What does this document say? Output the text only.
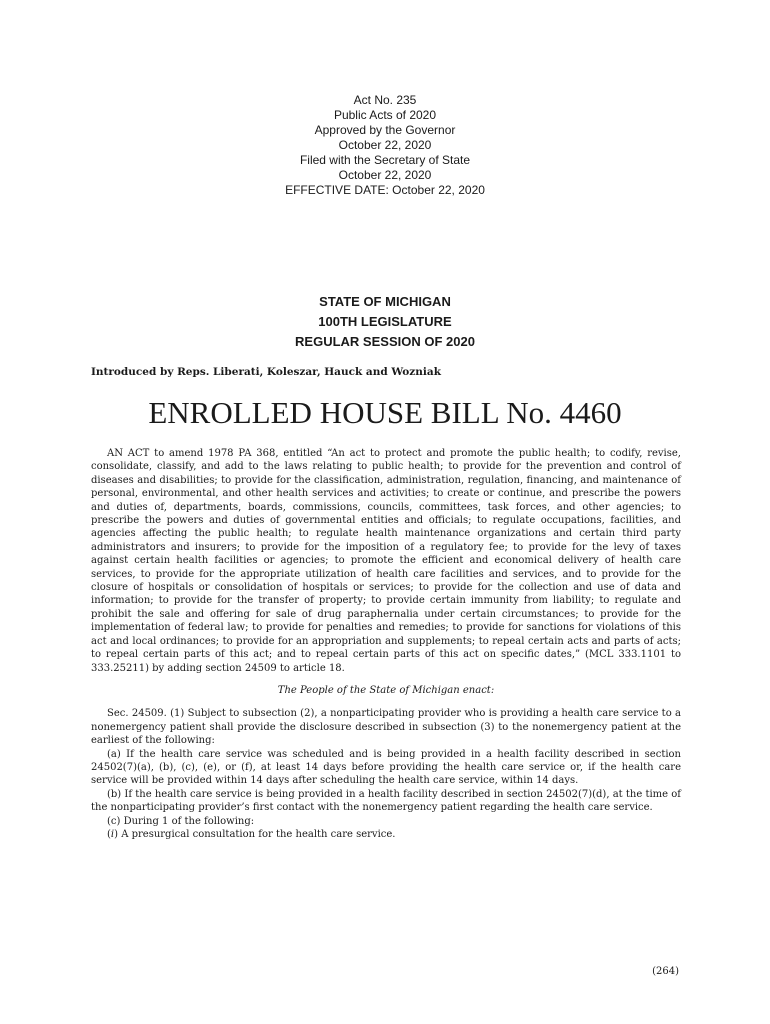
Act No. 235
Public Acts of 2020
Approved by the Governor
October 22, 2020
Filed with the Secretary of State
October 22, 2020
EFFECTIVE DATE: October 22, 2020
STATE OF MICHIGAN
100TH LEGISLATURE
REGULAR SESSION OF 2020
Introduced by Reps. Liberati, Koleszar, Hauck and Wozniak
ENROLLED HOUSE BILL No. 4460

AN ACT to amend 1978 PA 368, entitled “An act to protect and promote the public health; to codify, revise, consolidate, classify, and add to the laws relating to public health; to provide for the prevention and control of diseases and disabilities; to provide for the classification, administration, regulation, financing, and maintenance of personal, environmental, and other health services and activities; to create or continue, and prescribe the powers and duties of, departments, boards, commissions, councils, committees, task forces, and other agencies; to prescribe the powers and duties of governmental entities and officials; to regulate occupations, facilities, and agencies affecting the public health; to regulate health maintenance organizations and certain third party administrators and insurers; to provide for the imposition of a regulatory fee; to provide for the levy of taxes against certain health facilities or agencies; to promote the efficient and economical delivery of health care services, to provide for the appropriate utilization of health care facilities and services, and to provide for the closure of hospitals or consolidation of hospitals or services; to provide for the collection and use of data and information; to provide for the transfer of property; to provide certain immunity from liability; to regulate and prohibit the sale and offering for sale of drug paraphernalia under certain circumstances; to provide for the implementation of federal law; to provide for penalties and remedies; to provide for sanctions for violations of this act and local ordinances; to provide for an appropriation and supplements; to repeal certain acts and parts of acts; to repeal certain parts of this act; and to repeal certain parts of this act on specific dates,” (MCL 333.1101 to 333.25211) by adding section 24509 to article 18.

The People of the State of Michigan enact:

Sec. 24509. (1) Subject to subsection (2), a nonparticipating provider who is providing a health care service to a nonemergency patient shall provide the disclosure described in subsection (3) to the nonemergency patient at the earliest of the following:

(a) If the health care service was scheduled and is being provided in a health facility described in section 24502(7)(a), (b), (c), (e), or (f), at least 14 days before providing the health care service or, if the health care service will be provided within 14 days after scheduling the health care service, within 14 days.

(b) If the health care service is being provided in a health facility described in section 24502(7)(d), at the time of the nonparticipating provider’s first contact with the nonemergency patient regarding the health care service.

(c) During 1 of the following:

(i) A presurgical consultation for the health care service.

(264)
